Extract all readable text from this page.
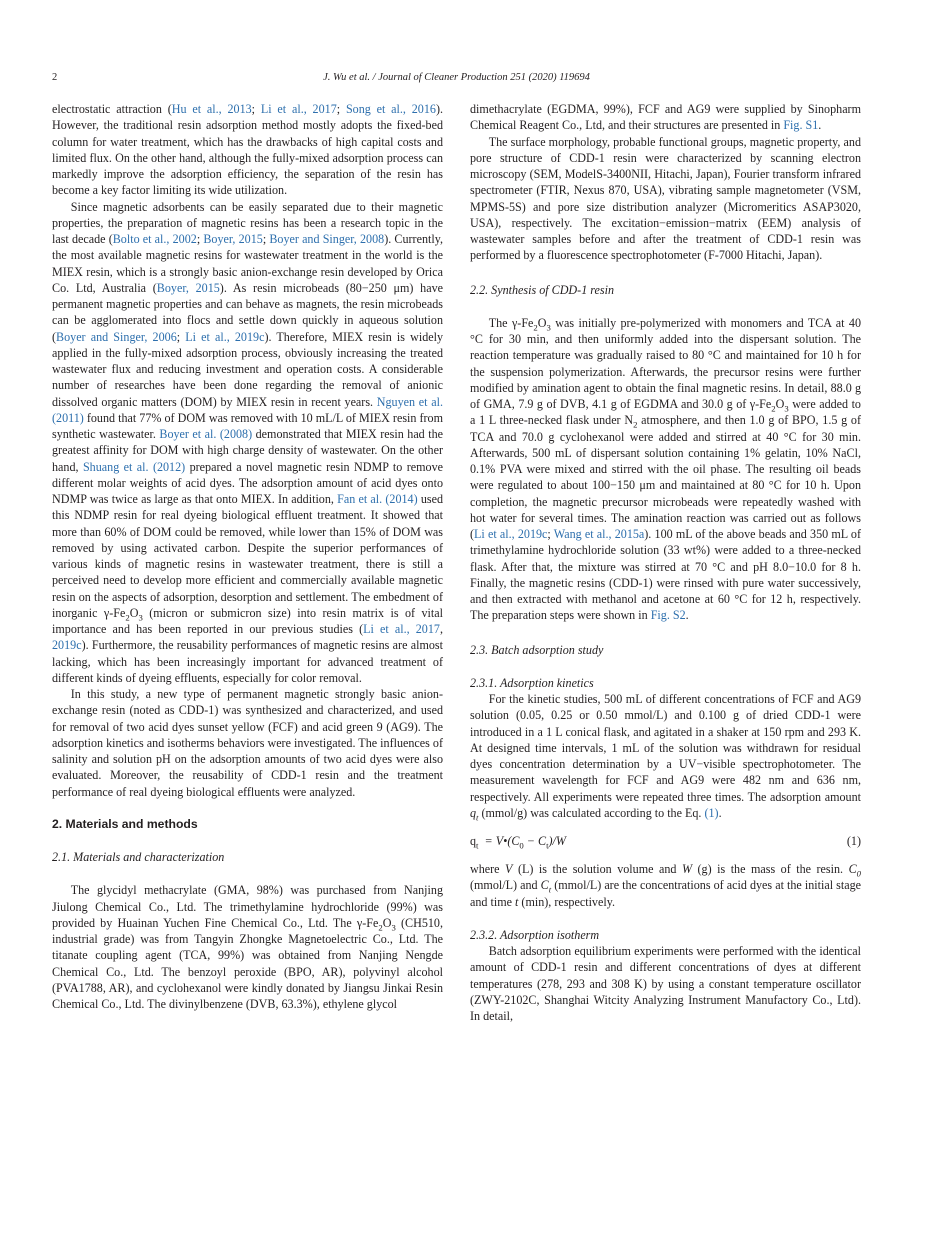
2	J. Wu et al. / Journal of Cleaner Production 251 (2020) 119694

electrostatic attraction (Hu et al., 2013; Li et al., 2017; Song et al., 2016). However, the traditional resin adsorption method mostly adopts the fixed-bed column for water treatment, which has the drawbacks of high capital costs and limited flux. On the other hand, although the fully-mixed adsorption process can markedly improve the adsorption efficiency, the separation of the resin has become a key factor limiting its wide utilization.

Since magnetic adsorbents can be easily separated due to their magnetic properties, the preparation of magnetic resins has been a research topic in the last decade (Bolto et al., 2002; Boyer, 2015; Boyer and Singer, 2008). Currently, the most available magnetic resins for wastewater treatment in the world is the MIEX resin, which is a strongly basic anion-exchange resin developed by Orica Co. Ltd, Australia (Boyer, 2015). As resin microbeads (80−250 μm) have permanent magnetic properties and can behave as magnets, the resin microbeads can be agglomerated into flocs and settle down quickly in aqueous solution (Boyer and Singer, 2006; Li et al., 2019c). Therefore, MIEX resin is widely applied in the fully-mixed adsorption process, obviously increasing the treated wastewater flux and reducing investment and operation costs. A considerable number of researches have been done regarding the removal of anionic dissolved organic matters (DOM) by MIEX resin in recent years. Nguyen et al. (2011) found that 77% of DOM was removed with 10 mL/L of MIEX resin from synthetic wastewater. Boyer et al. (2008) demonstrated that MIEX resin had the greatest affinity for DOM with high charge density of wastewater. On the other hand, Shuang et al. (2012) prepared a novel magnetic resin NDMP to remove different molar weights of acid dyes. The adsorption amount of acid dyes onto NDMP was twice as large as that onto MIEX. In addition, Fan et al. (2014) used this NDMP resin for real dyeing biological effluent treatment. It showed that more than 60% of DOM could be removed, while lower than 15% of DOM was removed by using activated carbon. Despite the superior performances of various kinds of magnetic resins in wastewater treatment, there is still a perceived need to develop more efficient and commercially available magnetic resin on the aspects of adsorption, desorption and settlement. The embedment of inorganic $\gamma-Fe_2O_3$ (micron or submicron size) into resin matrix is of vital importance and has been reported in our previous studies (Li et al., 2017, 2019c). Furthermore, the reusability performances of magnetic resins are almost lacking, which has been increasingly important for advanced treatment of different kinds of dyeing effluents, especially for color removal.

In this study, a new type of permanent magnetic strongly basic anion-exchange resin (noted as CDD-1) was synthesized and characterized, and used for removal of two acid dyes sunset yellow (FCF) and acid green 9 (AG9). The adsorption kinetics and isotherms behaviors were investigated. The influences of salinity and solution pH on the adsorption amounts of two acid dyes were also evaluated. Moreover, the reusability of CDD-1 resin and the treatment performance of real dyeing biological effluents were analyzed.

2. Materials and methods
2.1. Materials and characterization

The glycidyl methacrylate (GMA, 98%) was purchased from Nanjing Jiulong Chemical Co., Ltd. The trimethylamine hydrochloride (99%) was provided by Huainan Yuchen Fine Chemical Co., Ltd. The $\gamma-Fe_2O_3$ (CH510, industrial grade) was from Tangyin Zhongke Magnetoelectric Co., Ltd. The titanate coupling agent (TCA, 99%) was obtained from Nanjing Nengde Chemical Co., Ltd. The benzoyl peroxide (BPO, AR), polyvinyl alcohol (PVA1788, AR), and cyclohexanol were kindly donated by Jiangsu Jinkai Resin Chemical Co., Ltd. The divinylbenzene (DVB, 63.3%), ethylene glycol

dimethacrylate (EGDMA, 99%), FCF and AG9 were supplied by Sinopharm Chemical Reagent Co., Ltd, and their structures are presented in Fig. S1.

The surface morphology, probable functional groups, magnetic property, and pore structure of CDD-1 resin were characterized by scanning electron microscopy (SEM, ModelS-3400NII, Hitachi, Japan), Fourier transform infrared spectrometer (FTIR, Nexus 870, USA), vibrating sample magnetometer (VSM, MPMS-5S) and pore size distribution analyzer (Micromeritics ASAP3020, USA), respectively. The excitation−emission−matrix (EEM) analysis of wastewater samples before and after the treatment of CDD-1 resin was performed by a fluorescence spectrophotometer (F-7000 Hitachi, Japan).

2.2. Synthesis of CDD-1 resin

The $\gamma-Fe_2O_3$ was initially pre-polymerized with monomers and TCA at 40 °C for 30 min, and then uniformly added into the dispersant solution. The reaction temperature was gradually raised to 80 °C and maintained for 10 h for the suspension polymerization. Afterwards, the precursor resins were further modified by amination agent to obtain the final magnetic resins. In detail, 88.0 g of GMA, 7.9 g of DVB, 4.1 g of EGDMA and 30.0 g of $\gamma-Fe_2O_3$ were added to a 1 L three-necked flask under $N_2$ atmosphere, and then 1.0 g of BPO, 1.5 g of TCA and 70.0 g cyclohexanol were added and stirred at 40 °C for 30 min. Afterwards, 500 mL of dispersant solution containing 1% gelatin, 10% NaCl, 0.1% PVA were mixed and stirred with the oil phase. The resulting oil beads were regulated to about 100−150 μm and maintained at 80 °C for 10 h. Upon completion, the magnetic precursor microbeads were repeatedly washed with hot water for several times. The amination reaction was carried out as follows (Li et al., 2019c; Wang et al., 2015a). 100 mL of the above beads and 350 mL of trimethylamine hydrochloride solution (33 wt%) were added to a three-necked flask. After that, the mixture was stirred at 70 °C and pH 8.0−10.0 for 8 h. Finally, the magnetic resins (CDD-1) were rinsed with pure water successively, and then extracted with methanol and acetone at 60 °C for 12 h, respectively. The preparation steps were shown in Fig. S2.

2.3. Batch adsorption study
2.3.1. Adsorption kinetics

For the kinetic studies, 500 mL of different concentrations of FCF and AG9 solution (0.05, 0.25 or 0.50 mmol/L) and 0.100 g of dried CDD-1 were introduced in a 1 L conical flask, and agitated in a shaker at 150 rpm and 293 K. At designed time intervals, 1 mL of the solution was withdrawn for residual dyes concentration determination by a UV−visible spectrophotometer. The measurement wavelength for FCF and AG9 were 482 nm and 636 nm, respectively. All experiments were repeated three times. The adsorption amount $q_t$ (mmol/g) was calculated according to the Eq. (1).

$q_t$ = $V•(C_0 - C_t)/W$	(1)

where V (L) is the solution volume and W (g) is the mass of the resin. $C_0$ (mmol/L) and $C_t$ (mmol/L) are the concentrations of acid dyes at the initial stage and time t (min), respectively.

2.3.2. Adsorption isotherm

Batch adsorption equilibrium experiments were performed with the identical amount of CDD-1 resin and different concentrations of dyes at different temperatures (278, 293 and 308 K) by using a constant temperature oscillator (ZWY-2102C, Shanghai Witcity Analyzing Instrument Manufactory Co., Ltd). In detail,
